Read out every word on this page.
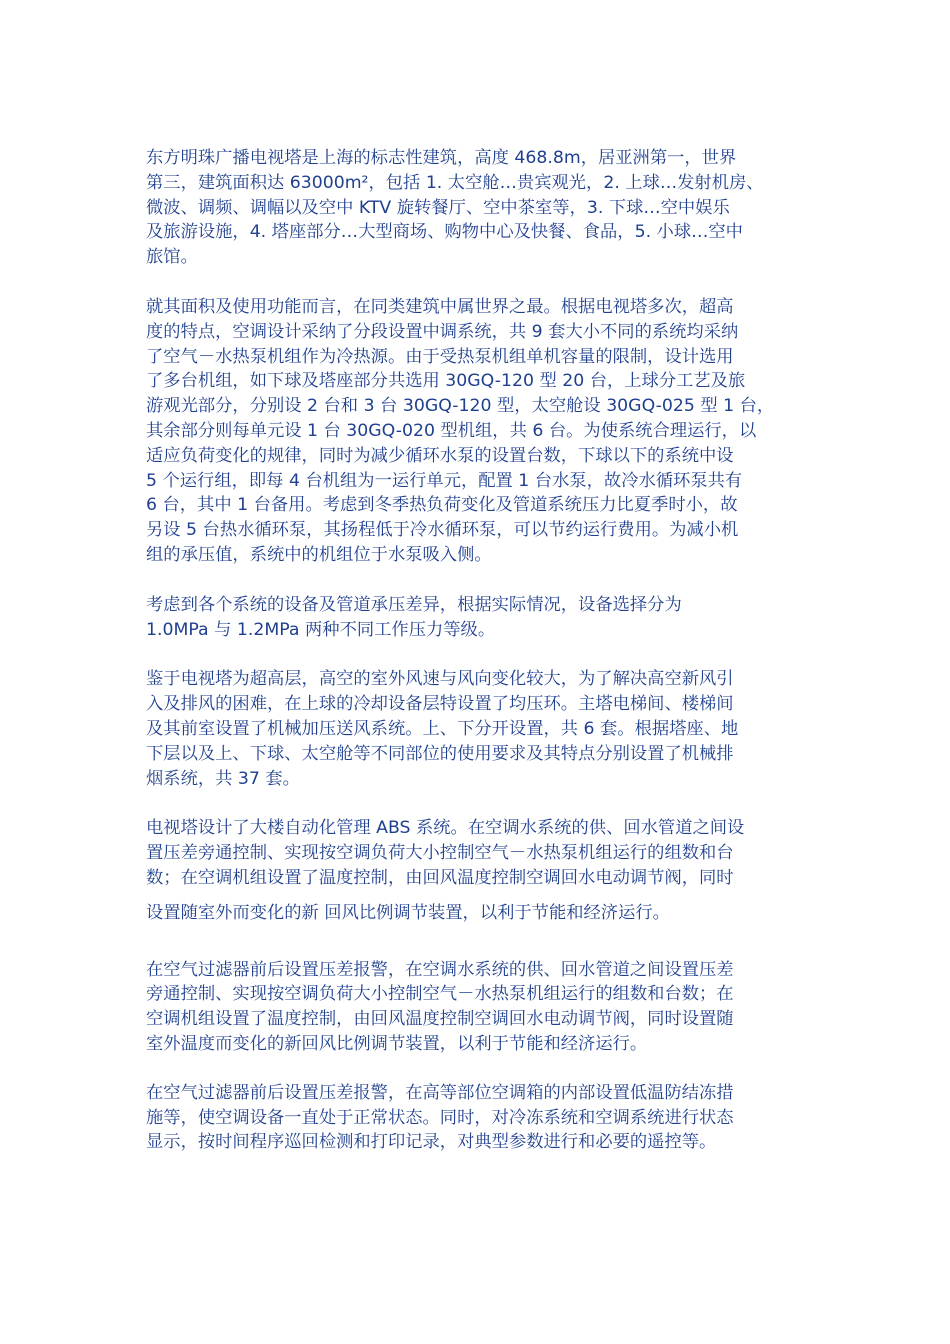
东方明珠广播电视塔是上海的标志性建筑，高度 468.8m，居亚洲第一，世界
第三，建筑面积达 63000m²，包括 1. 太空舱…贵宾观光，2. 上球…发射机房、
微波、调频、调幅以及空中 KTV 旋转餐厅、空中茶室等，3. 下球…空中娱乐
及旅游设施，4. 塔座部分…大型商场、购物中心及快餐、食品，5. 小球…空中
旅馆。

就其面积及使用功能而言，在同类建筑中属世界之最。根据电视塔多次，超高
度的特点，空调设计采纳了分段设置中调系统，共 9 套大小不同的系统均采纳
了空气－水热泵机组作为冷热源。由于受热泵机组单机容量的限制，设计选用
了多台机组，如下球及塔座部分共选用 30GQ-120 型 20 台，上球分工艺及旅
游观光部分，分别设 2 台和 3 台 30GQ-120 型，太空舱设 30GQ-025 型 1 台，
其余部分则每单元设 1 台 30GQ-020 型机组，共 6 台。为使系统合理运行，以
适应负荷变化的规律，同时为减少循环水泵的设置台数，下球以下的系统中设
5 个运行组，即每 4 台机组为一运行单元，配置 1 台水泵，故冷水循环泵共有
6 台，其中 1 台备用。考虑到冬季热负荷变化及管道系统压力比夏季时小，故
另设 5 台热水循环泵，其扬程低于冷水循环泵，可以节约运行费用。为减小机
组的承压值，系统中的机组位于水泵吸入侧。

考虑到各个系统的设备及管道承压差异，根据实际情况，设备选择分为
1.0MPa 与 1.2MPa 两种不同工作压力等级。

鉴于电视塔为超高层，高空的室外风速与风向变化较大，为了解决高空新风引
入及排风的困难，在上球的冷却设备层特设置了均压环。主塔电梯间、楼梯间
及其前室设置了机械加压送风系统。上、下分开设置，共 6 套。根据塔座、地
下层以及上、下球、太空舱等不同部位的使用要求及其特点分别设置了机械排
烟系统，共 37 套。

电视塔设计了大楼自动化管理 ABS 系统。在空调水系统的供、回水管道之间设
置压差旁通控制、实现按空调负荷大小控制空气－水热泵机组运行的组数和台
数；在空调机组设置了温度控制，由回风温度控制空调回水电动调节阀，同时
设置随室外而变化的新 回风比例调节装置，以利于节能和经济运行。

在空气过滤器前后设置压差报警，在空调水系统的供、回水管道之间设置压差
旁通控制、实现按空调负荷大小控制空气－水热泵机组运行的组数和台数；在
空调机组设置了温度控制，由回风温度控制空调回水电动调节阀，同时设置随
室外温度而变化的新回风比例调节装置，以利于节能和经济运行。

在空气过滤器前后设置压差报警，在高等部位空调箱的内部设置低温防结冻措
施等，使空调设备一直处于正常状态。同时，对冷冻系统和空调系统进行状态
显示，按时间程序巡回检测和打印记录，对典型参数进行和必要的遥控等。
